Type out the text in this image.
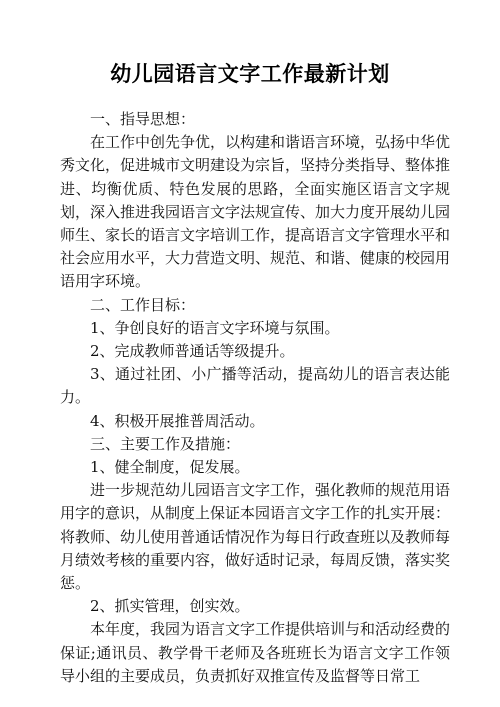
幼儿园语言文字工作最新计划

一、指导思想：

在工作中创先争优，以构建和谐语言环境，弘扬中华优秀文化，促进城市文明建设为宗旨，坚持分类指导、整体推进、均衡优质、特色发展的思路，全面实施区语言文字规划，深入推进我园语言文字法规宣传、加大力度开展幼儿园师生、家长的语言文字培训工作，提高语言文字管理水平和社会应用水平，大力营造文明、规范、和谐、健康的校园用语用字环境。

二、工作目标：

1、争创良好的语言文字环境与氛围。

2、完成教师普通话等级提升。

3、通过社团、小广播等活动，提高幼儿的语言表达能力。

4、积极开展推普周活动。

三、主要工作及措施：

1、健全制度，促发展。

进一步规范幼儿园语言文字工作，强化教师的规范用语用字的意识，从制度上保证本园语言文字工作的扎实开展：将教师、幼儿使用普通话情况作为每日行政查班以及教师每月绩效考核的重要内容，做好适时记录，每周反馈，落实奖惩。

2、抓实管理，创实效。

本年度，我园为语言文字工作提供培训与和活动经费的保证;通讯员、教学骨干老师及各班班长为语言文字工作领导小组的主要成员，负责抓好双推宣传及监督等日常工
